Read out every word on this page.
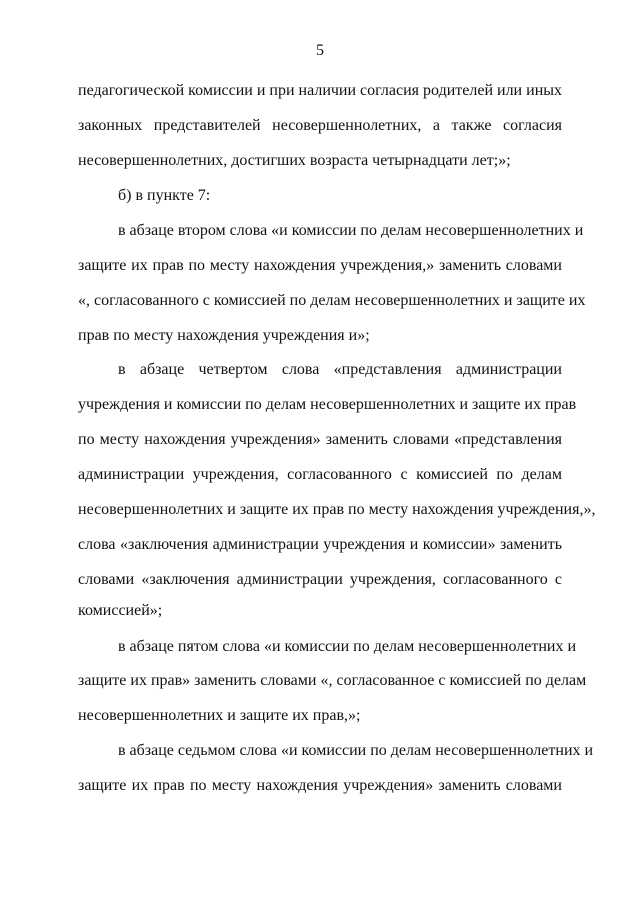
5
педагогической комиссии и при наличии согласия родителей или иных
законных представителей несовершеннолетних, а также согласия
несовершеннолетних, достигших возраста четырнадцати лет;»;
б) в пункте 7:
в абзаце втором слова «и комиссии по делам несовершеннолетних и
защите их прав по месту нахождения учреждения,» заменить словами
«, согласованного с комиссией по делам несовершеннолетних и защите их
прав по месту нахождения учреждения и»;
в абзаце четвертом слова «представления администрации
учреждения и комиссии по делам несовершеннолетних и защите их прав
по месту нахождения учреждения» заменить словами «представления
администрации учреждения, согласованного с комиссией по делам
несовершеннолетних и защите их прав по месту нахождения учреждения,»,
слова «заключения администрации учреждения и комиссии» заменить
словами «заключения администрации учреждения, согласованного с
комиссией»;
в абзаце пятом слова «и комиссии по делам несовершеннолетних и
защите их прав» заменить словами «, согласованное с комиссией по делам
несовершеннолетних и защите их прав,»;
в абзаце седьмом слова «и комиссии по делам несовершеннолетних и
защите их прав по месту нахождения учреждения» заменить словами
